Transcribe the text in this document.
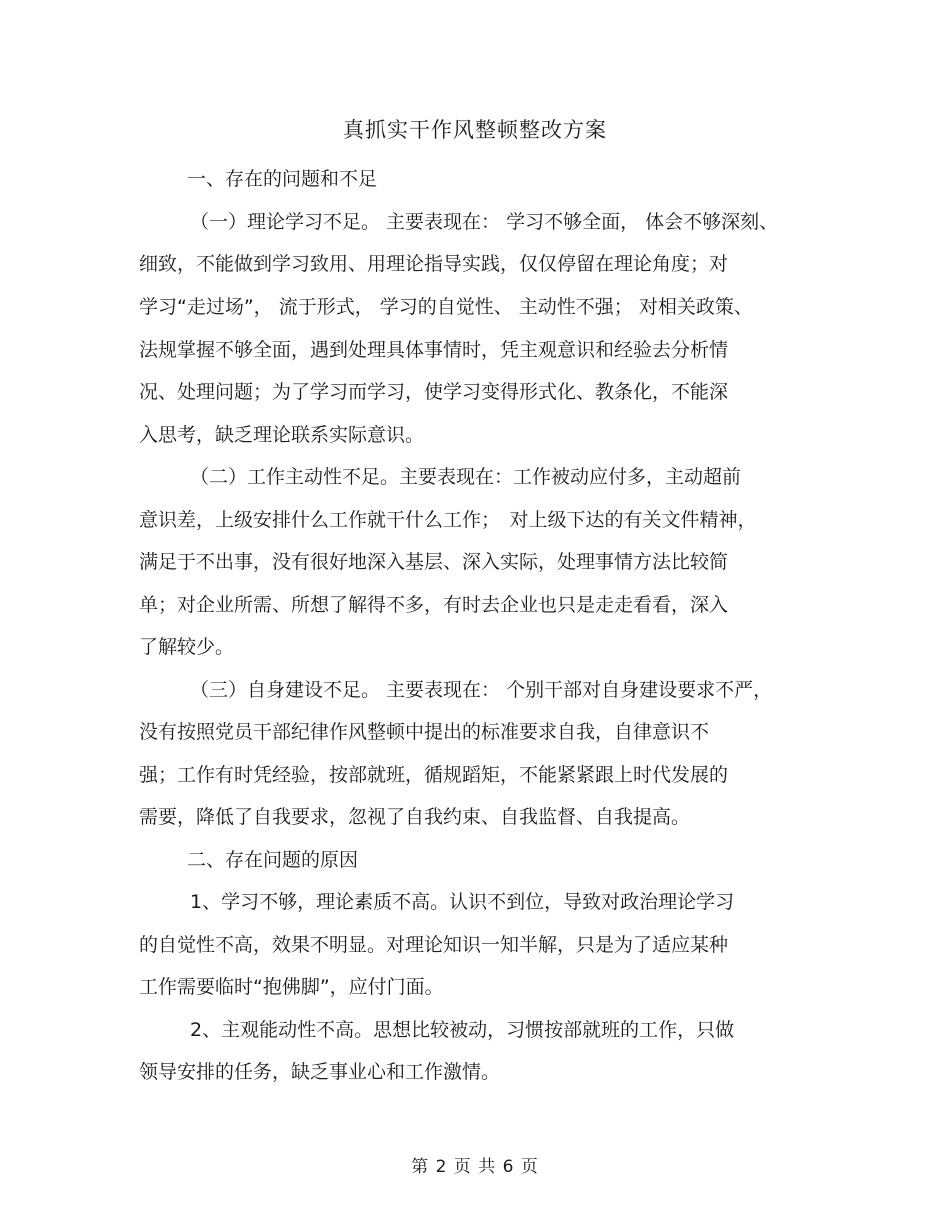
真抓实干作风整顿整改方案
一、存在的问题和不足
（一）理论学习不足。 主要表现在： 学习不够全面， 体会不够深刻、
细致，不能做到学习致用、用理论指导实践，仅仅停留在理论角度；对
学习“走过场”， 流于形式， 学习的自觉性、 主动性不强； 对相关政策、
法规掌握不够全面，遇到处理具体事情时，凭主观意识和经验去分析情
况、处理问题；为了学习而学习，使学习变得形式化、教条化，不能深
入思考，缺乏理论联系实际意识。
（二）工作主动性不足。主要表现在：工作被动应付多，主动超前
意识差，上级安排什么工作就干什么工作；　对上级下达的有关文件精神，
满足于不出事，没有很好地深入基层、深入实际，处理事情方法比较简
单；对企业所需、所想了解得不多，有时去企业也只是走走看看，深入
了解较少。
（三）自身建设不足。 主要表现在： 个别干部对自身建设要求不严，
没有按照党员干部纪律作风整顿中提出的标准要求自我，自律意识不
强；工作有时凭经验，按部就班，循规蹈矩，不能紧紧跟上时代发展的
需要，降低了自我要求，忽视了自我约束、自我监督、自我提高。
二、存在问题的原因
1、学习不够，理论素质不高。认识不到位，导致对政治理论学习
的自觉性不高，效果不明显。对理论知识一知半解，只是为了适应某种
工作需要临时“抱佛脚”，应付门面。
2、主观能动性不高。思想比较被动，习惯按部就班的工作，只做
领导安排的任务，缺乏事业心和工作激情。
第 2 页 共 6 页
